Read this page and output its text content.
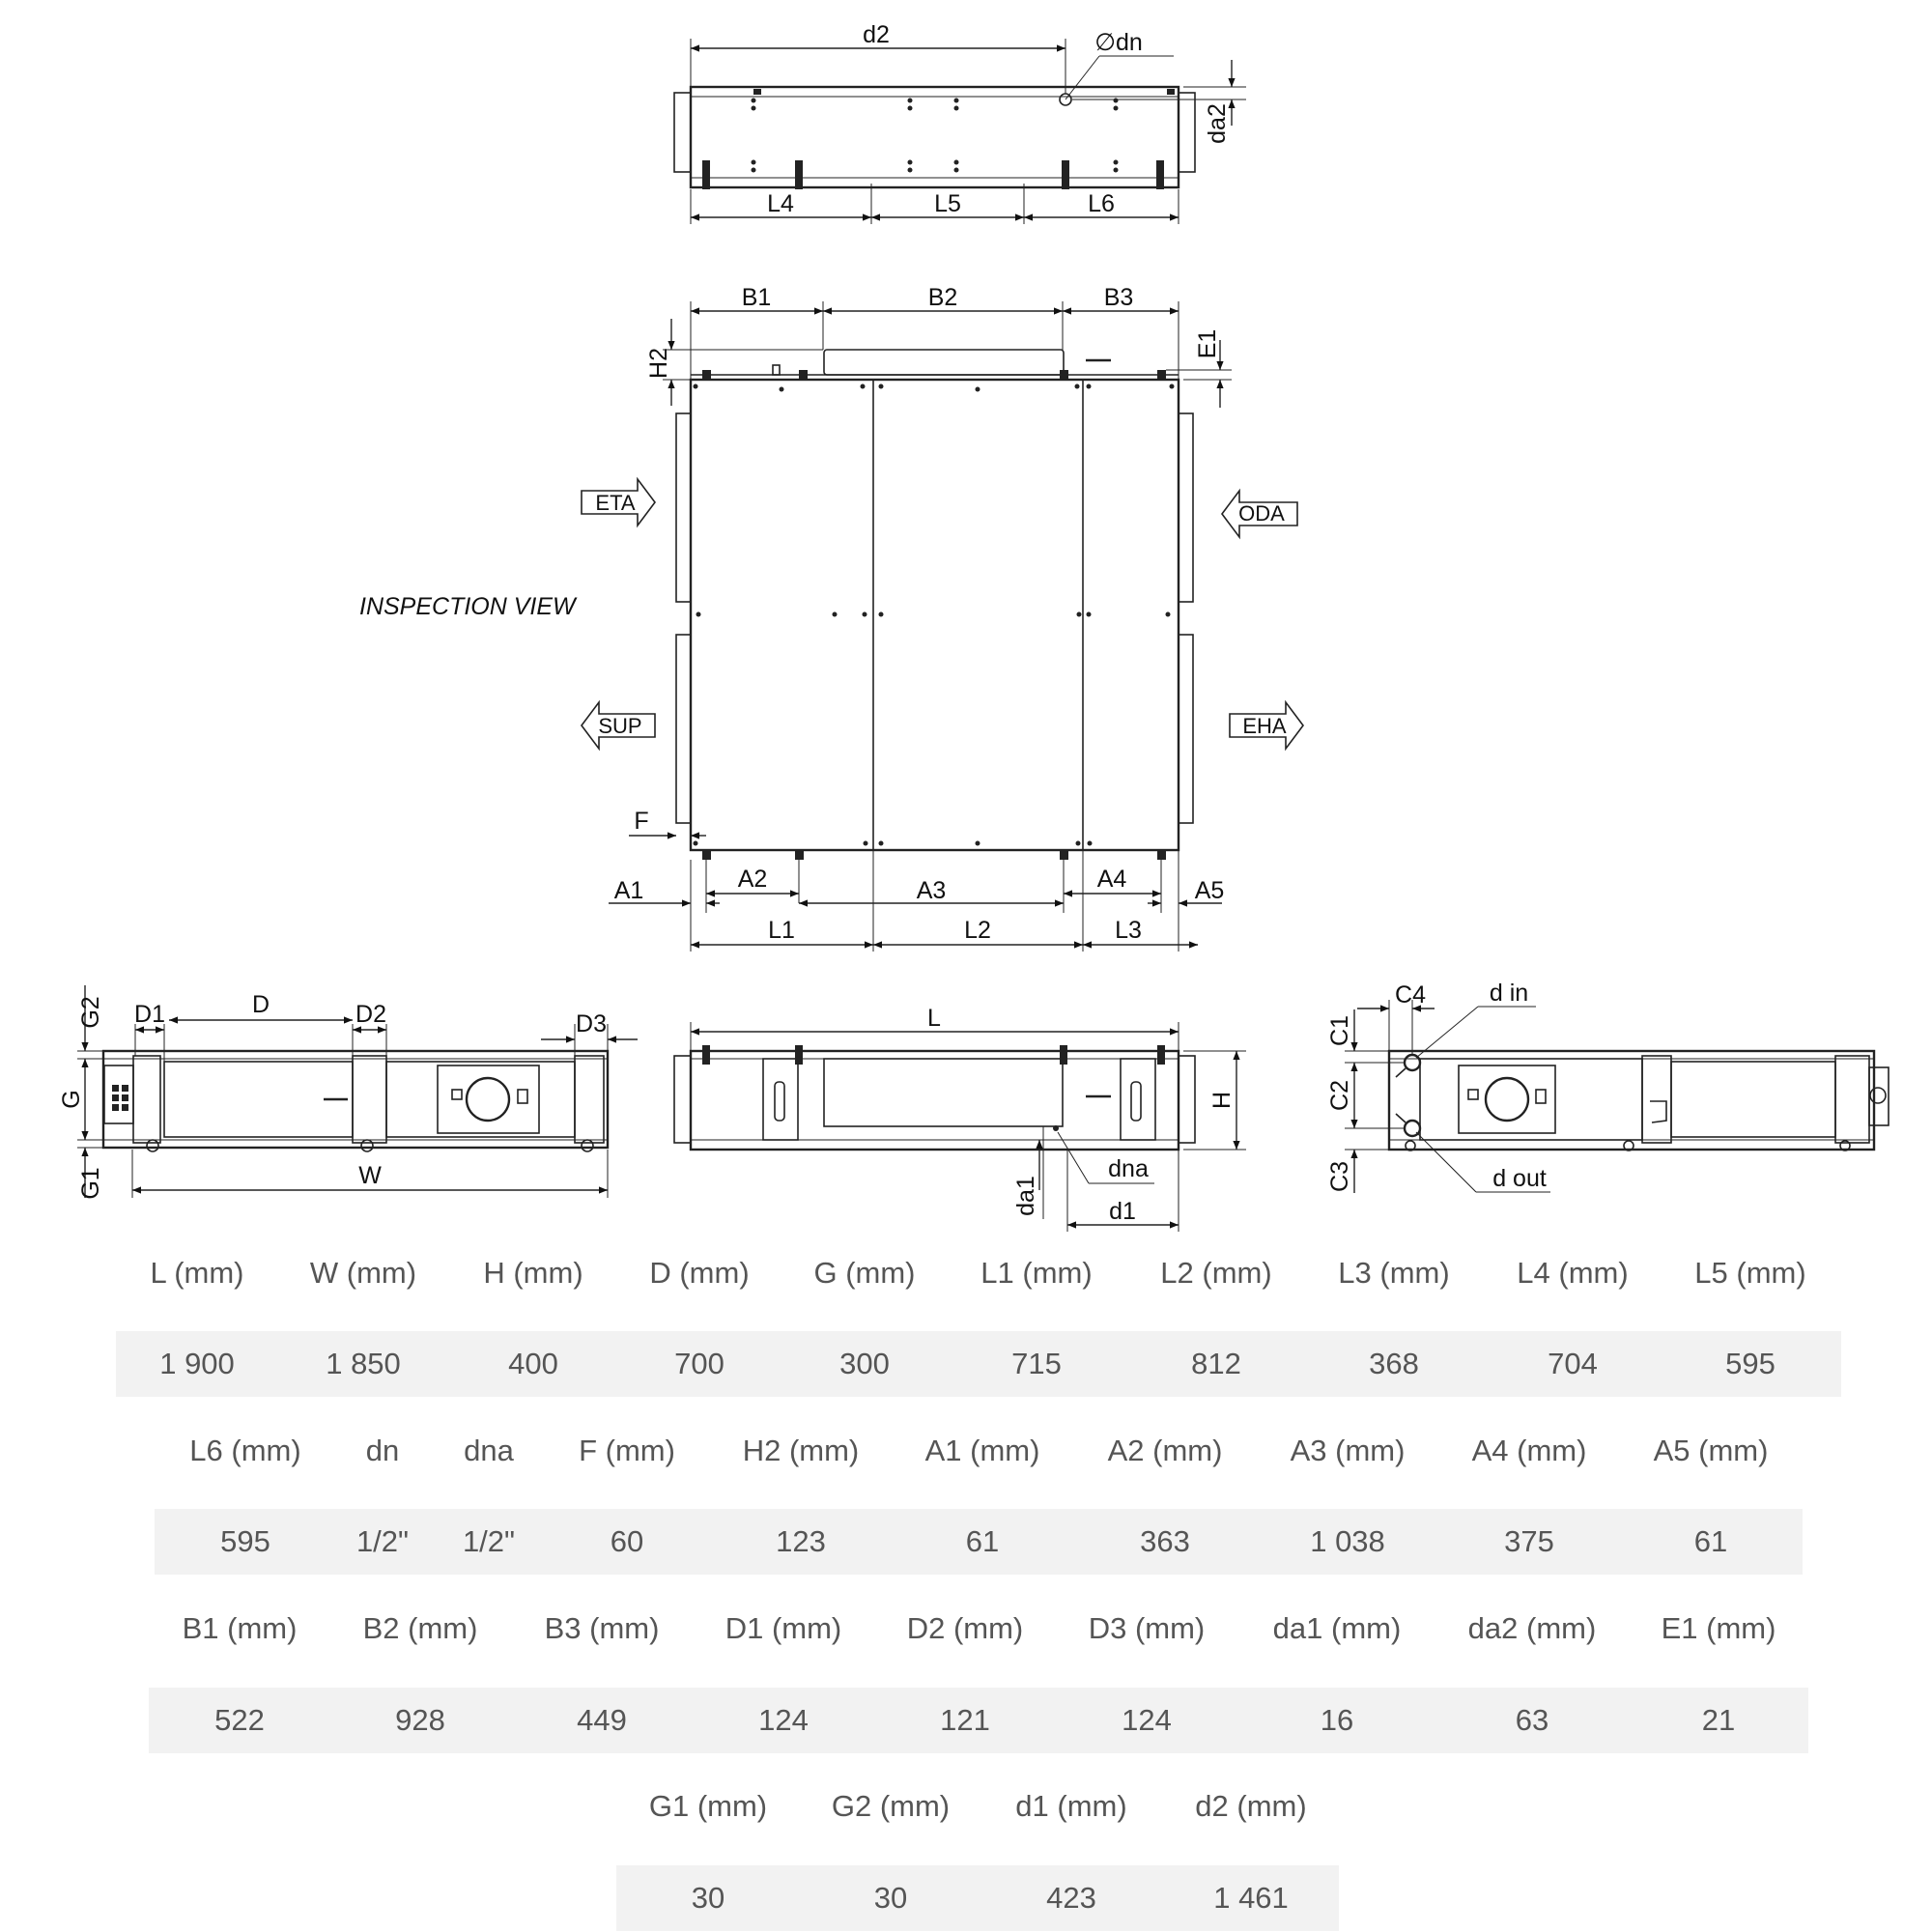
d2	∅dn
da2
L4	L5	L6
INSPECTION VIEW
ETA	ODA
SUP	EHA
B1	B2	B3
H2
E1
F
A1	A2	A3	A4	A5
L1	L2	L3
D1	D	D2	D3
G2
G
G1	W
L
H
da1
dna
d1
C4	d in
d out
C1
C2
C3
L (mm) W (mm) H (mm) D (mm) G (mm) L1 (mm) L2 (mm) L3 (mm) L4 (mm) L5 (mm)
1 900	1 850	400	700	300	715	812	368	704	595
L6 (mm) dn dna F (mm) H2 (mm) A1 (mm) A2 (mm) A3 (mm) A4 (mm) A5 (mm)
595	1/2" 1/2"	60	123	61	363	1 038	375	61
B1 (mm) B2 (mm) B3 (mm) D1 (mm) D2 (mm) D3 (mm) da1 (mm) da2 (mm) E1 (mm)
522	928	449	124	121	124	16	63	21
G1 (mm) G2 (mm) d1 (mm) d2 (mm)
30	30	423	1 461
